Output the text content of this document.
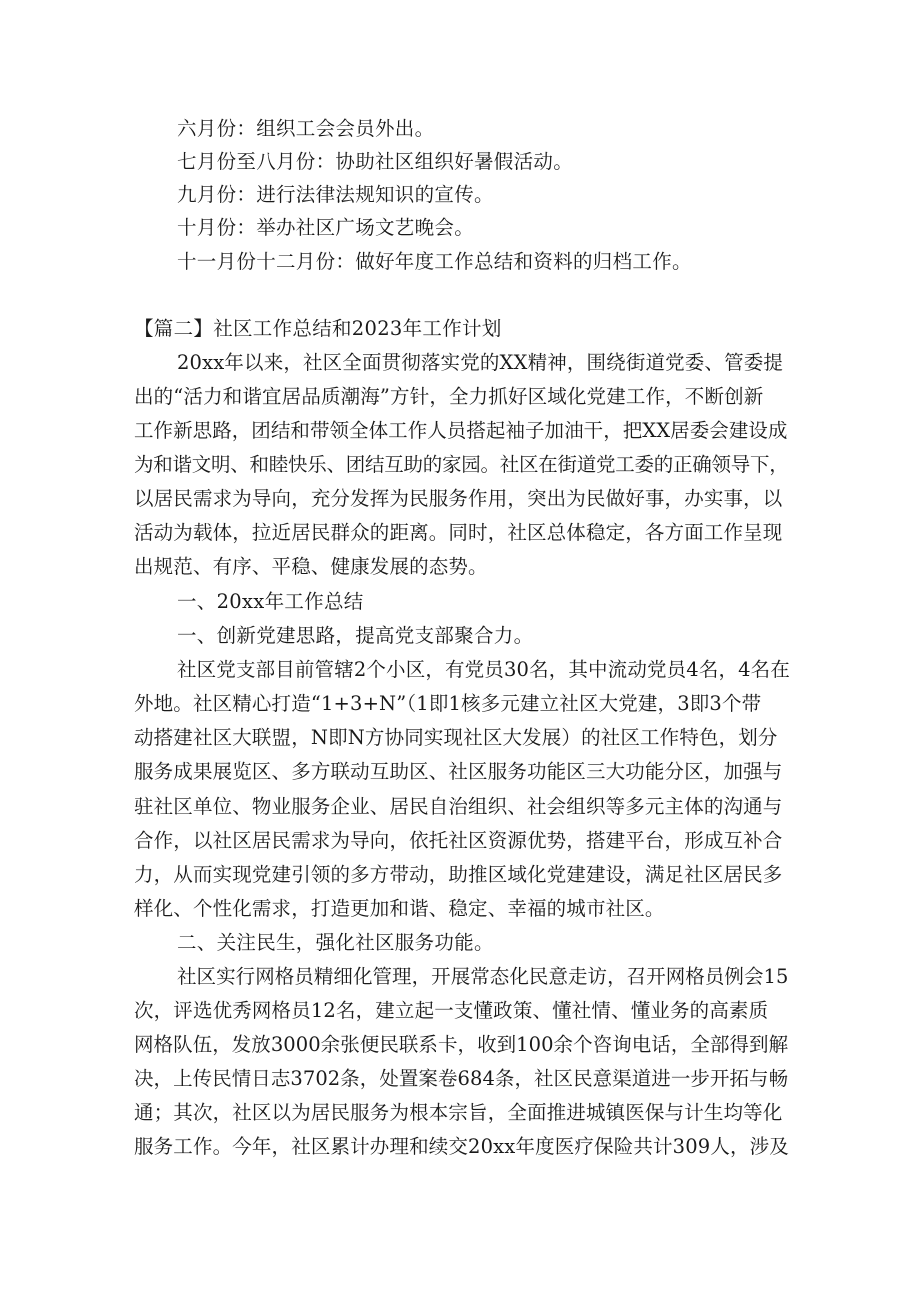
六月份：组织工会会员外出。
七月份至八月份：协助社区组织好暑假活动。
九月份：进行法律法规知识的宣传。
十月份：举办社区广场文艺晚会。
十一月份十二月份：做好年度工作总结和资料的归档工作。
【篇二】社区工作总结和2023年工作计划
20xx年以来，社区全面贯彻落实党的XX精神，围绕街道党委、管委提
出的“活力和谐宜居品质潮海”方针，全力抓好区域化党建工作，不断创新
工作新思路，团结和带领全体工作人员搭起袖子加油干，把XX居委会建设成
为和谐文明、和睦快乐、团结互助的家园。社区在街道党工委的正确领导下，
以居民需求为导向，充分发挥为民服务作用，突出为民做好事，办实事，以
活动为载体，拉近居民群众的距离。同时，社区总体稳定，各方面工作呈现
出规范、有序、平稳、健康发展的态势。
一、20xx年工作总结
一、创新党建思路，提高党支部聚合力。
社区党支部目前管辖2个小区，有党员30名，其中流动党员4名，4名在
外地。社区精心打造“1+3+N”（1即1核多元建立社区大党建，3即3个带
动搭建社区大联盟，N即N方协同实现社区大发展）的社区工作特色，划分
服务成果展览区、多方联动互助区、社区服务功能区三大功能分区，加强与
驻社区单位、物业服务企业、居民自治组织、社会组织等多元主体的沟通与
合作，以社区居民需求为导向，依托社区资源优势，搭建平台，形成互补合
力，从而实现党建引领的多方带动，助推区域化党建建设，满足社区居民多
样化、个性化需求，打造更加和谐、稳定、幸福的城市社区。
二、关注民生，强化社区服务功能。
社区实行网格员精细化管理，开展常态化民意走访，召开网格员例会15
次，评选优秀网格员12名，建立起一支懂政策、懂社情、懂业务的高素质
网格队伍，发放3000余张便民联系卡，收到100余个咨询电话，全部得到解
决，上传民情日志3702条，处置案卷684条，社区民意渠道进一步开拓与畅
通；其次，社区以为居民服务为根本宗旨，全面推进城镇医保与计生均等化
服务工作。今年，社区累计办理和续交20xx年度医疗保险共计309人，涉及
